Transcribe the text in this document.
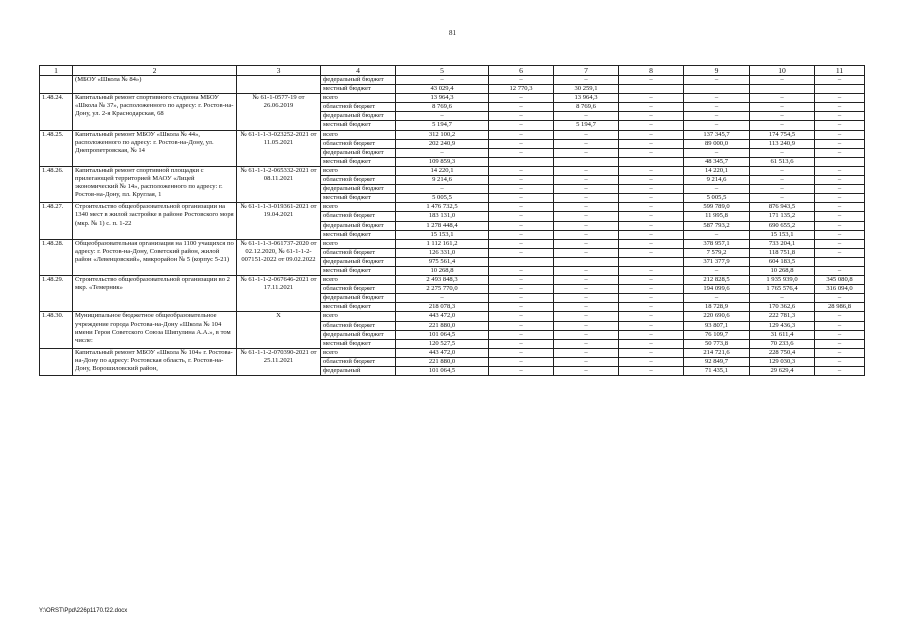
81
1	2	3	4	5	6	7	8	9	10	11
	(МБОУ «Школа № 84»)		федеральный бюджет	–	–	–	–	–	–	–
			местный бюджет	43 029,4	12 770,3	30 259,1				
1.48.24.	Капитальный ремонт спортивного стадиона МБОУ «Школа № 37», расположенного по адресу: г. Ростов-на-Дону, ул. 2-я Краснодарская, 68	№ 61-1-0577-19 от 26.06.2019	всего	13 964,3	–	13 964,3	–	–	–	–
			областной бюджет	8 769,6	–	8 769,6	–	–	–	–
			федеральный бюджет	–	–	–	–	–	–	–
			местный бюджет	5 194,7	–	5 194,7	–	–	–	–
1.48.25.	Капитальный ремонт МБОУ «Школа № 44», расположенного по адресу: г. Ростов-на-Дону, ул. Днепропетровская, № 14	№ 61-1-1-3-023252-2021 от 11.05.2021	всего	312 100,2	–	–	–	137 345,7	174 754,5	–
			областной бюджет	202 240,9	–	–	–	89 000,0	113 240,9	–
			федеральный бюджет	–	–	–	–	–	–	–
			местный бюджет	109 859,3				48 345,7	61 513,6	
1.48.26.	Капитальный ремонт спортивной площадки с прилегающей территорией МАОУ «Лицей экономический № 14», расположенного по адресу: г. Ростов-на-Дону, пл. Круглая, 1	№ 61-1-1-2-065332-2021 от 08.11.2021	всего	14 220,1	–	–	–	14 220,1	–	–
			областной бюджет	9 214,6	–	–	–	9 214,6	–	–
			федеральный бюджет	–	–	–	–	–	–	–
			местный бюджет	5 005,5	–	–	–	5 005,5	–	–
1.48.27.	Строительство общеобразовательной организации на 1340 мест в жилой застройке в районе Ростовского моря (мкр. № 1) с. п. 1-22	№ 61-1-1-3-019361-2021 от 19.04.2021	всего	1 476 732,5	–	–	–	599 789,0	876 943,5	–
			областной бюджет	183 131,0	–	–	–	11 995,8	171 135,2	–
			федеральный бюджет	1 278 448,4	–	–	–	587 793,2	690 655,2	–
			местный бюджет	15 153,1	–	–	–	–	15 153,1	–
1.48.28.	Общеобразовательная организация на 1100 учащихся по адресу: г. Ростов-на-Дону, Советский район, жилой район «Левенцовский», микрорайон № 5 (корпус 5-21)	№ 61-1-1-3-061737-2020 от 02.12.2020, № 61-1-1-2-007151-2022 от 09.02.2022	всего	1 112 161,2	–	–	–	378 957,1	733 204,1	–
			областной бюджет	126 331,0	–	–	–	7 579,2	118 751,8	–
			федеральный бюджет	975 561,4				371 377,9	604 183,5	
			местный бюджет	10 268,8	–	–	–	–	10 268,8	–
1.48.29.	Строительство общеобразовательной организации во 2 мкр. «Темерник»	№ 61-1-1-2-067646-2021 от 17.11.2021	всего	2 493 848,3	–	–	–	212 828,5	1 935 939,0	345 080,8
			областной бюджет	2 275 770,0	–	–	–	194 099,6	1 765 576,4	316 094,0
			федеральный бюджет	–	–	–	–	–	–	–
			местный бюджет	218 078,3	–	–	–	18 728,9	170 362,6	28 986,8
1.48.30.	Муниципальное бюджетное общеобразовательное учреждение города Ростова-на-Дону «Школа № 104 имени Героя Советского Союза Шипулина А.А.», в том числе:	Х	всего	443 472,0	–	–	–	220 690,6	222 781,3	–
			областной бюджет	221 880,0	–	–	–	93 807,1	129 436,3	–
			федеральный бюджет	101 064,5	–	–	–	76 109,7	31 611,4	–
			местный бюджет	120 527,5	–	–	–	50 773,8	70 233,6	–
	Капитальный ремонт МБОУ «Школа № 104» г. Ростова-на-Дону по адресу: Ростовская область, г. Ростов-на-Дону, Ворошиловский район,	№ 61-1-1-2-070390-2021 от 25.11.2021	всего	443 472,0	–	–	–	214 721,6	228 750,4	–
			областной бюджет	221 880,0	–	–	–	92 849,7	129 030,3	–
			федеральный	101 064,5	–	–	–	71 435,1	29 629,4	–
Y:\ORST\Ppd\226p1170.f22.docx
